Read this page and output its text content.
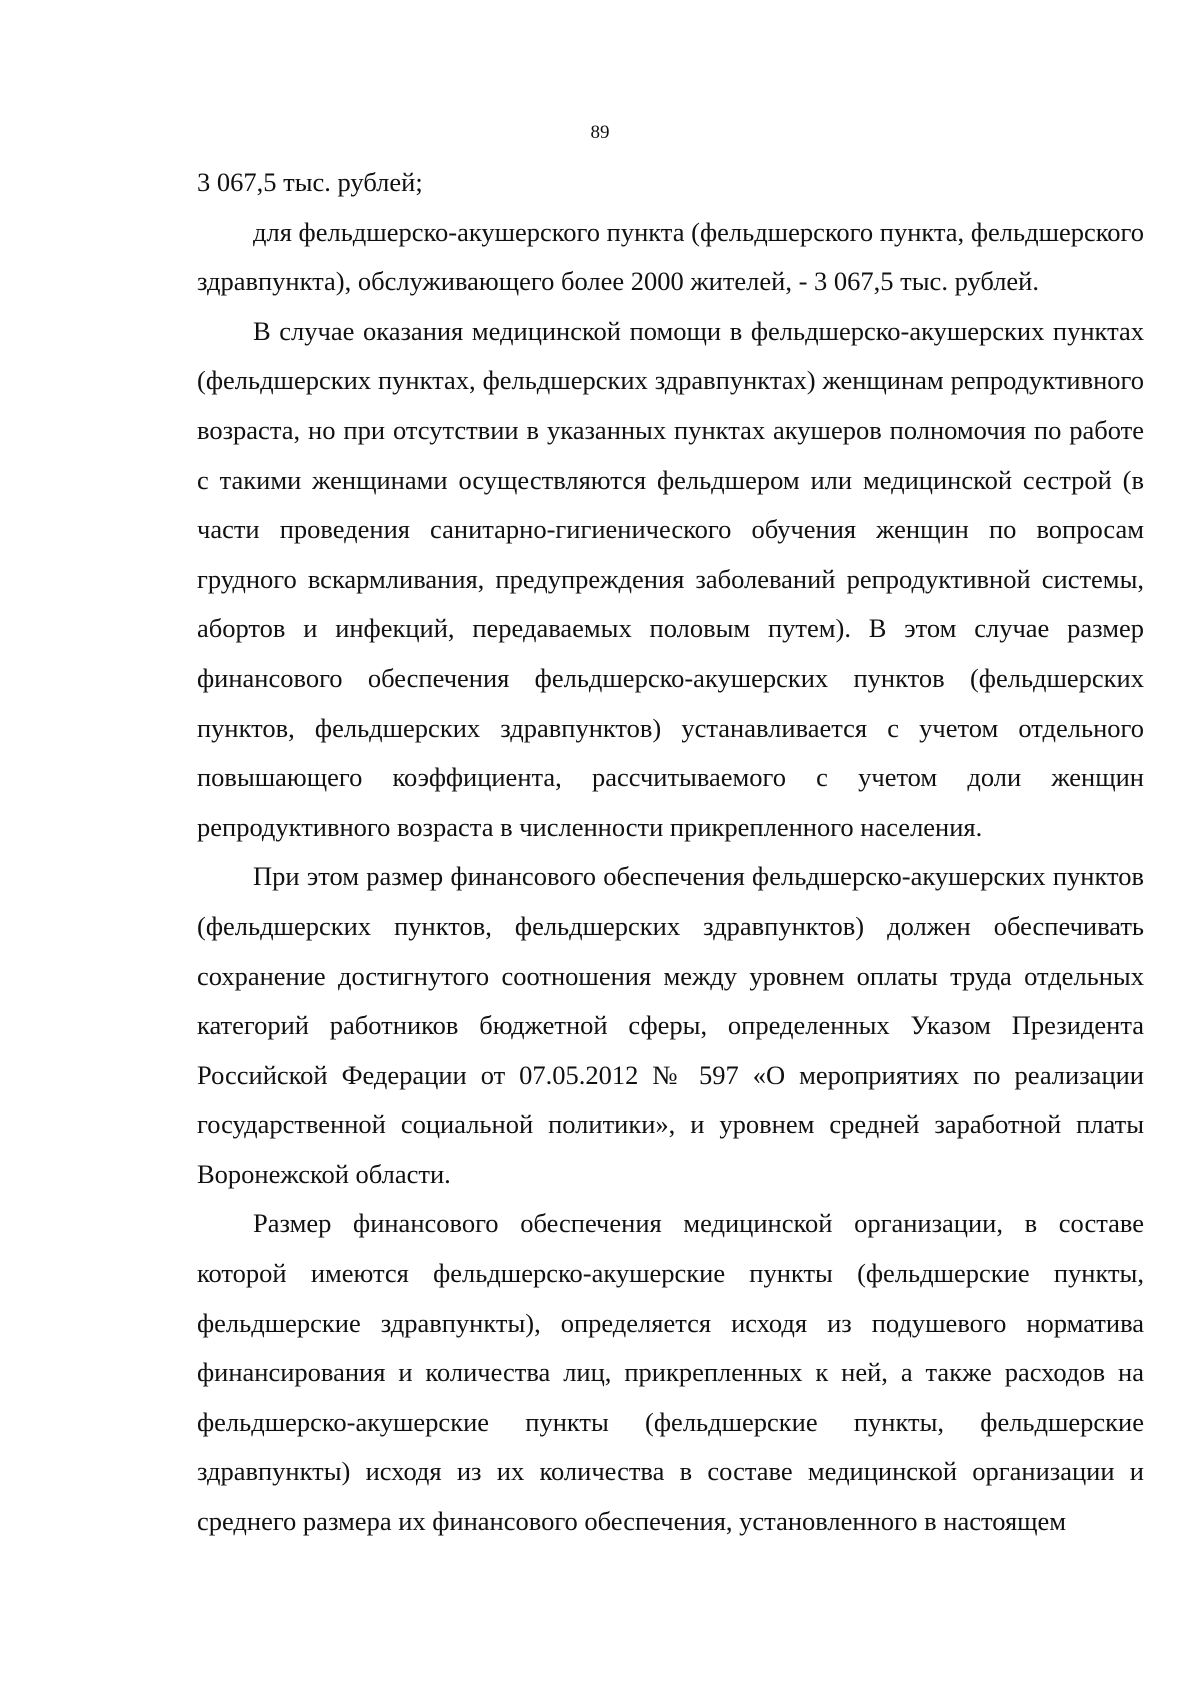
89

3 067,5 тыс. рублей;

для фельдшерско-акушерского пункта (фельдшерского пункта, фельдшерского здравпункта), обслуживающего более 2000 жителей, - 3 067,5 тыс. рублей.

В случае оказания медицинской помощи в фельдшерско-акушерских пунктах (фельдшерских пунктах, фельдшерских здравпунктах) женщинам репродуктивного возраста, но при отсутствии в указанных пунктах акушеров полномочия по работе с такими женщинами осуществляются фельдшером или медицинской сестрой (в части проведения санитарно-гигиенического обучения женщин по вопросам грудного вскармливания, предупреждения заболеваний репродуктивной системы, абортов и инфекций, передаваемых половым путем). В этом случае размер финансового обеспечения фельдшерско-акушерских пунктов (фельдшерских пунктов, фельдшерских здравпунктов) устанавливается с учетом отдельного повышающего коэффициента, рассчитываемого с учетом доли женщин репродуктивного возраста в численности прикрепленного населения.

При этом размер финансового обеспечения фельдшерско-акушерских пунктов (фельдшерских пунктов, фельдшерских здравпунктов) должен обеспечивать сохранение достигнутого соотношения между уровнем оплаты труда отдельных категорий работников бюджетной сферы, определенных Указом Президента Российской Федерации от 07.05.2012 № 597 «О мероприятиях по реализации государственной социальной политики», и уровнем средней заработной платы Воронежской области.

Размер финансового обеспечения медицинской организации, в составе которой имеются фельдшерско-акушерские пункты (фельдшерские пункты, фельдшерские здравпункты), определяется исходя из подушевого норматива финансирования и количества лиц, прикрепленных к ней, а также расходов на фельдшерско-акушерские пункты (фельдшерские пункты, фельдшерские здравпункты) исходя из их количества в составе медицинской организации и среднего размера их финансового обеспечения, установленного в настоящем
